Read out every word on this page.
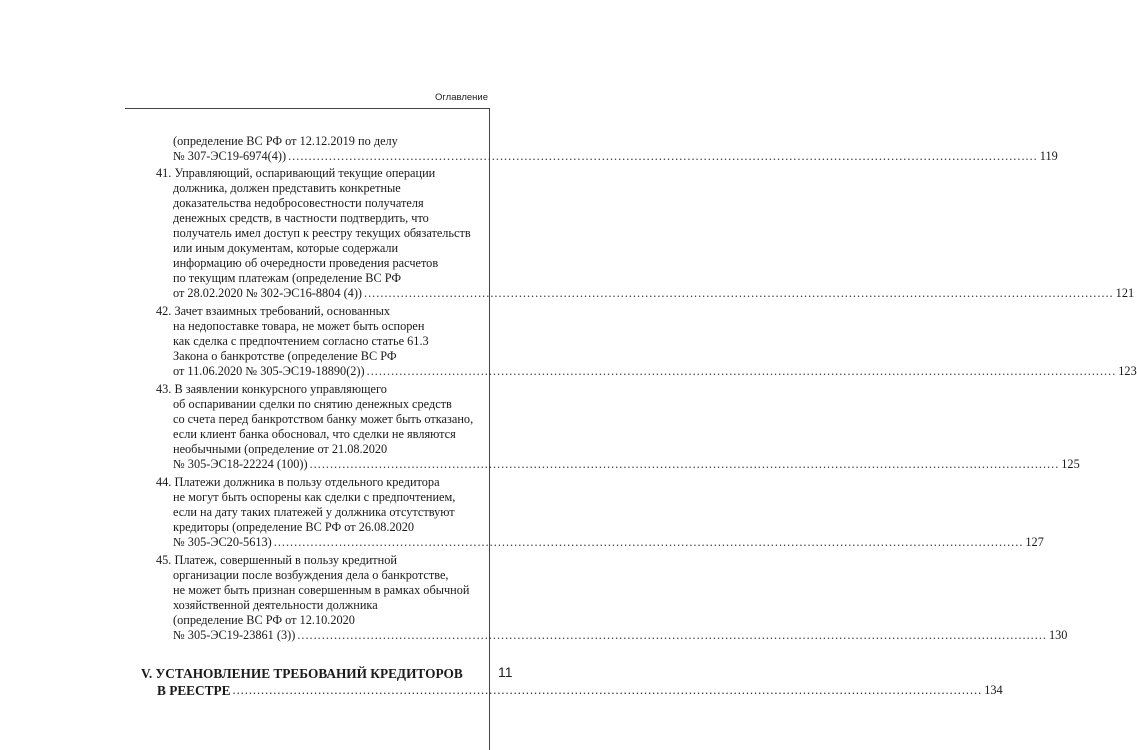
Оглавление
11
(определение ВС РФ от 12.12.2019 по делу
№ 307-ЭС19-6974(4)) ........................................................................................................................................................................................ 119
41. Управляющий, оспаривающий текущие операции
должника, должен представить конкретные
доказательства недобросовестности получателя
денежных средств, в частности подтвердить, что
получатель имел доступ к реестру текущих обязательств
или иным документам, которые содержали
информацию об очередности проведения расчетов
по текущим платежам (определение ВС РФ
от 28.02.2020 № 302-ЭС16-8804 (4)) ........................................................................................................................................................................................ 121
42. Зачет взаимных требований, основанных
на недопоставке товара, не может быть оспорен
как сделка с предпочтением согласно статье 61.3
Закона о банкротстве (определение ВС РФ
от 11.06.2020 № 305-ЭС19-18890(2)) ........................................................................................................................................................................................ 123
43. В заявлении конкурсного управляющего
об оспаривании сделки по снятию денежных средств
со счета перед банкротством банку может быть отказано,
если клиент банка обосновал, что сделки не являются
необычными (определение от 21.08.2020
№ 305-ЭС18-22224 (100)) ........................................................................................................................................................................................ 125
44. Платежи должника в пользу отдельного кредитора
не могут быть оспорены как сделки с предпочтением,
если на дату таких платежей у должника отсутствуют
кредиторы (определение ВС РФ от 26.08.2020
№ 305-ЭС20-5613) ........................................................................................................................................................................................ 127
45. Платеж, совершенный в пользу кредитной
организации после возбуждения дела о банкротстве,
не может быть признан совершенным в рамках обычной
хозяйственной деятельности должника
(определение ВС РФ от 12.10.2020
№ 305-ЭС19-23861 (3)) ........................................................................................................................................................................................ 130
V. УСТАНОВЛЕНИЕ ТРЕБОВАНИЙ КРЕДИТОРОВ
В РЕЕСТРЕ ........................................................................................................................................................................................ 134
